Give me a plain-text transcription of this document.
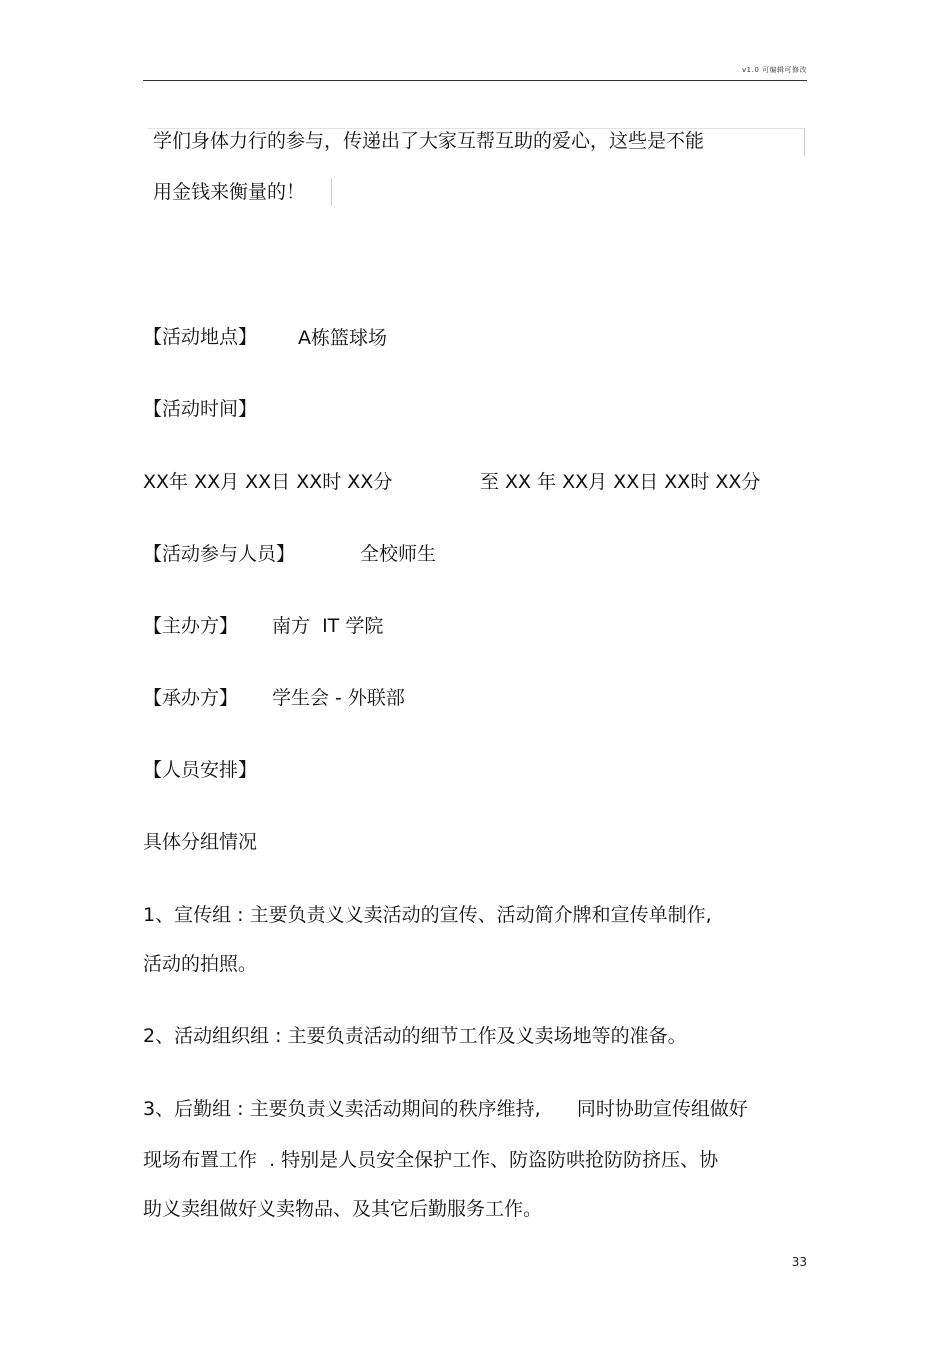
v1.0 可编辑可修改
学们身体力行的参与，传递出了大家互帮互助的爱心，这些是不能
用金钱来衡量的！
【活动地点】 A栋篮球场
【活动时间】
XX年 XX月 XX日 XX时 XX分	至 XX 年 XX月 XX日 XX时 XX分
【活动参与人员】	全校师生
【主办方】 南方  IT 学院
【承办方】 学生会 - 外联部
【人员安排】
具体分组情况
1、宣传组 : 主要负责义义卖活动的宣传、活动简介牌和宣传单制作,
活动的拍照。
2、活动组织组 : 主要负责活动的细节工作及义卖场地等的准备。
3、后勤组 : 主要负责义卖活动期间的秩序维持,      同时协助宣传组做好
现场布置工作  . 特别是人员安全保护工作、防盗防哄抢防防挤压、协
助义卖组做好义卖物品、及其它后勤服务工作。
33
